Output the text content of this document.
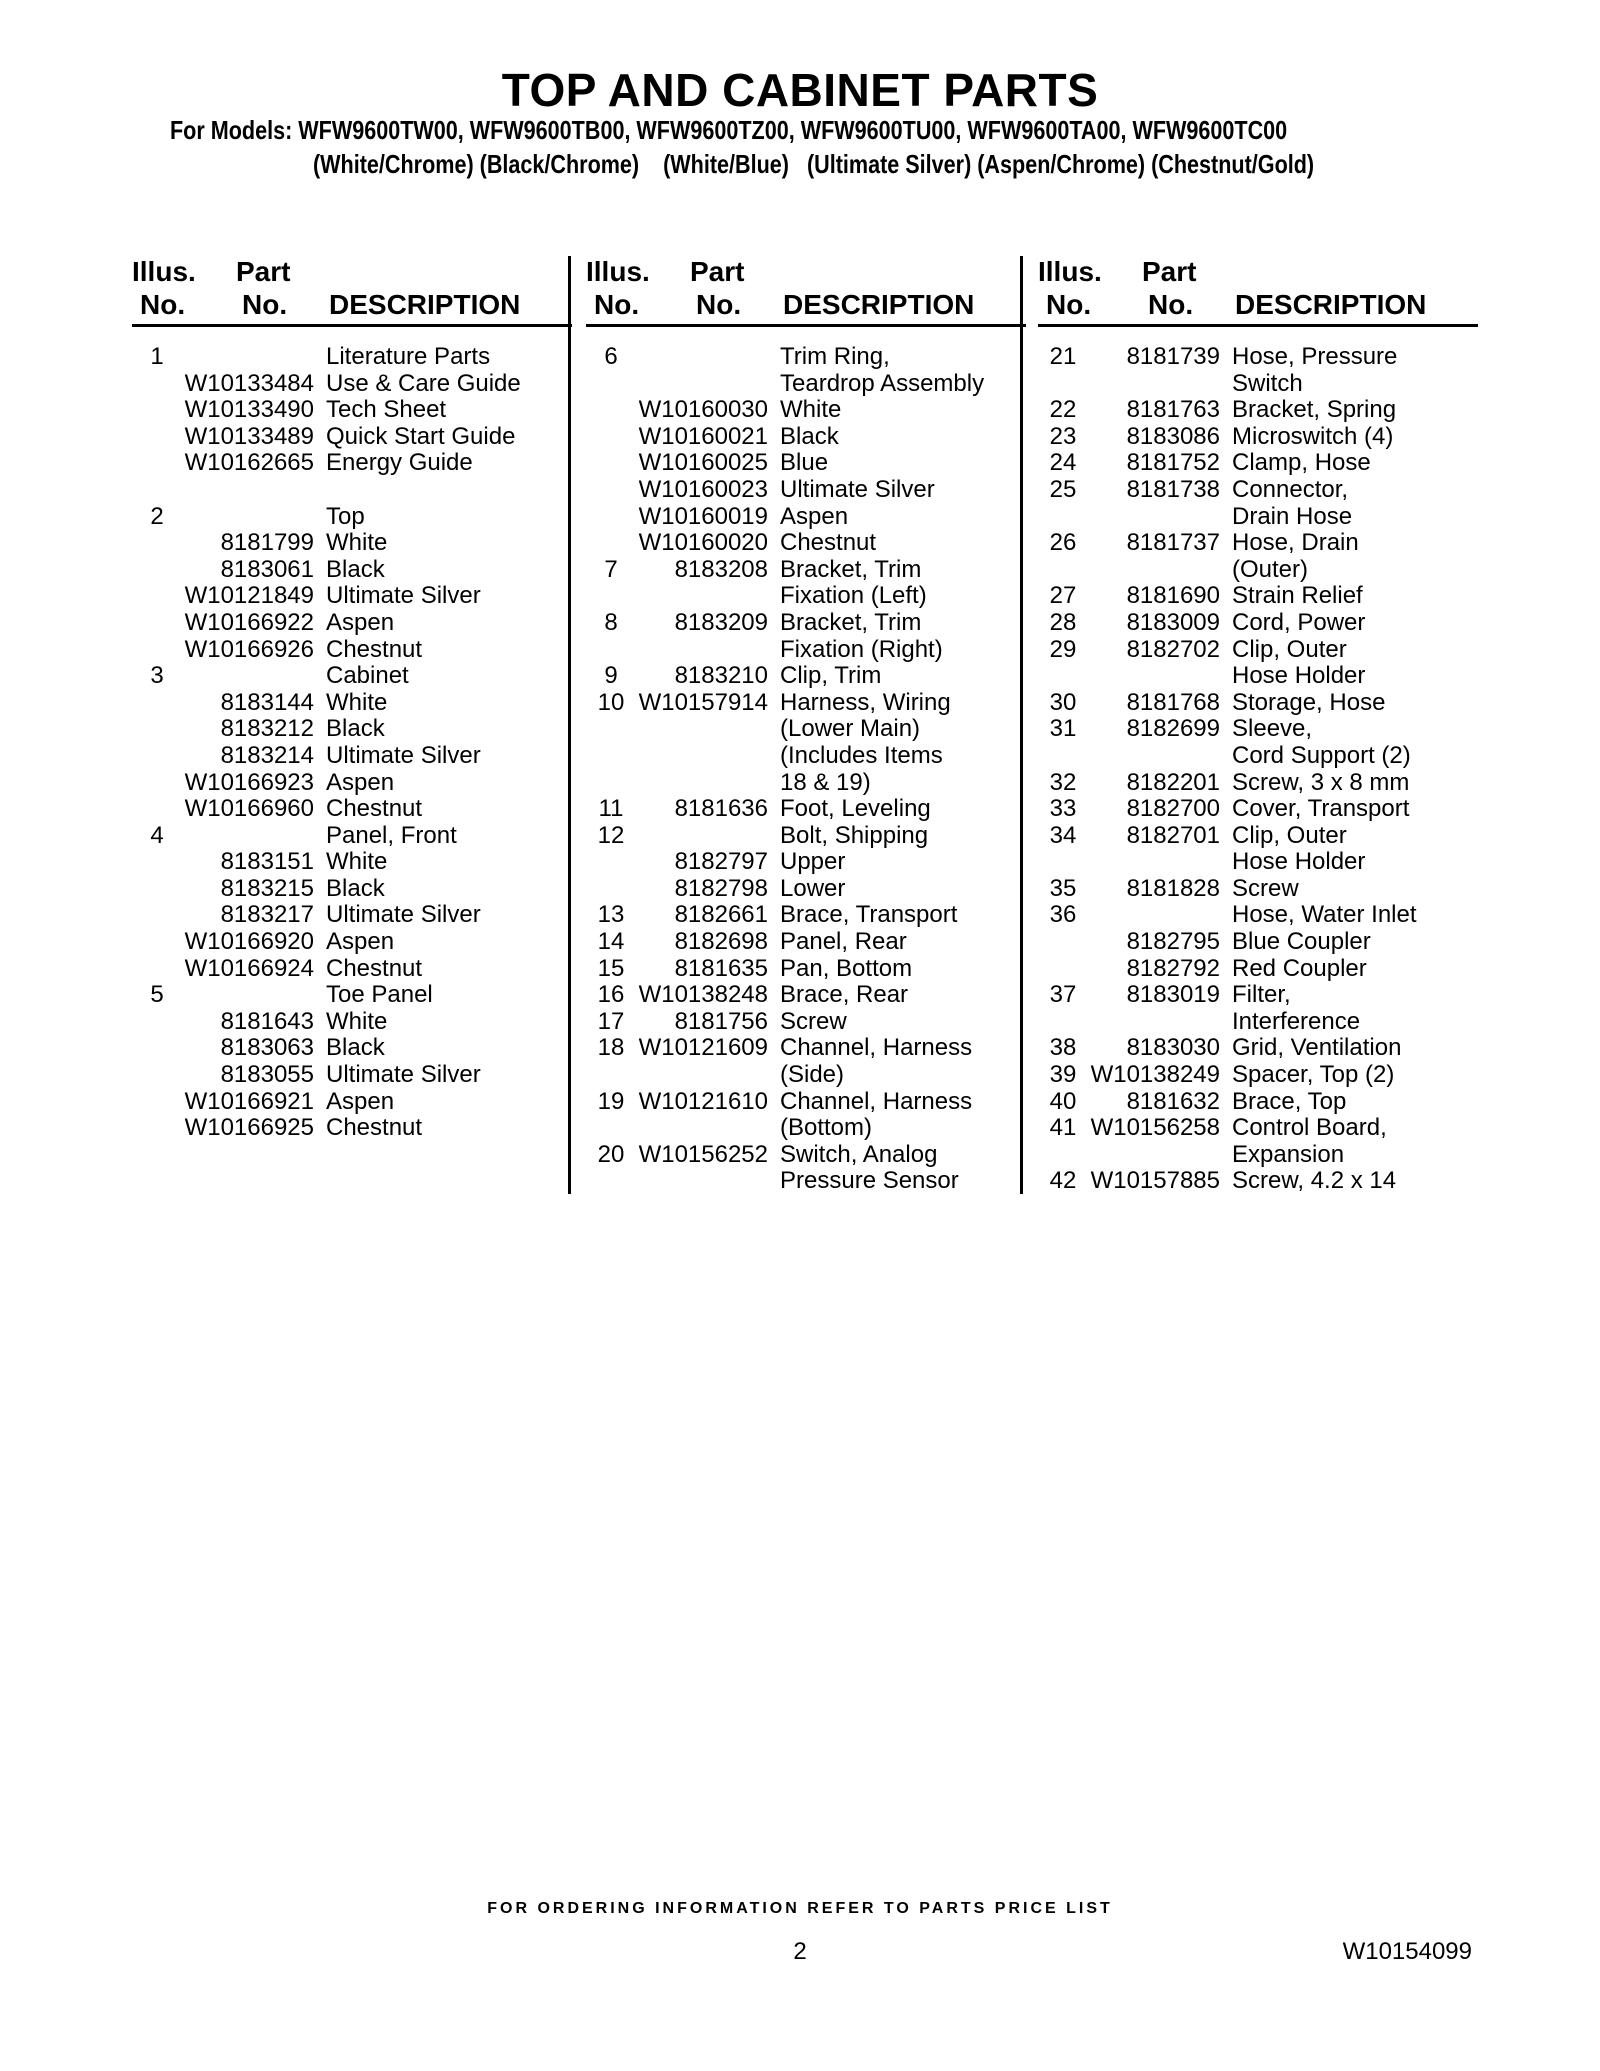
TOP AND CABINET PARTS
For Models: WFW9600TW00, WFW9600TB00, WFW9600TZ00, WFW9600TU00, WFW9600TA00, WFW9600TC00
(White/Chrome) (Black/Chrome)    (White/Blue)   (Ultimate Silver) (Aspen/Chrome) (Chestnut/Gold)
Illus. Part
No. No. DESCRIPTION
1	Literature Parts
W10133484 Use & Care Guide
W10133490 Tech Sheet
W10133489 Quick Start Guide
W10162665 Energy Guide
2	Top
8181799 White
8183061 Black
W10121849 Ultimate Silver
W10166922 Aspen
W10166926 Chestnut
3	Cabinet
8183144 White
8183212 Black
8183214 Ultimate Silver
W10166923 Aspen
W10166960 Chestnut
4	Panel, Front
8183151 White
8183215 Black
8183217 Ultimate Silver
W10166920 Aspen
W10166924 Chestnut
5	Toe Panel
8181643 White
8183063 Black
8183055 Ultimate Silver
W10166921 Aspen
W10166925 Chestnut
Illus. Part
No. No. DESCRIPTION
6	Trim Ring,
Teardrop Assembly
W10160030 White
W10160021 Black
W10160025 Blue
W10160023 Ultimate Silver
W10160019 Aspen
W10160020 Chestnut
7	8183208 Bracket, Trim
Fixation (Left)
8	8183209 Bracket, Trim
Fixation (Right)
9	8183210 Clip, Trim
10 W10157914 Harness, Wiring
(Lower Main)
(Includes Items
18 & 19)
11	8181636 Foot, Leveling
12	Bolt, Shipping
8182797 Upper
8182798 Lower
13	8182661 Brace, Transport
14	8182698 Panel, Rear
15	8181635 Pan, Bottom
16 W10138248 Brace, Rear
17	8181756 Screw
18 W10121609 Channel, Harness
(Side)
19 W10121610 Channel, Harness
(Bottom)
20 W10156252 Switch, Analog
Pressure Sensor
Illus. Part
No. No. DESCRIPTION
21	8181739 Hose, Pressure
Switch
22	8181763 Bracket, Spring
23	8183086 Microswitch (4)
24	8181752 Clamp, Hose
25	8181738 Connector,
Drain Hose
26	8181737 Hose, Drain
(Outer)
27	8181690 Strain Relief
28	8183009 Cord, Power
29	8182702 Clip, Outer
Hose Holder
30	8181768 Storage, Hose
31	8182699 Sleeve,
Cord Support (2)
32	8182201 Screw, 3 x 8 mm
33	8182700 Cover, Transport
34	8182701 Clip, Outer
Hose Holder
35	8181828 Screw
36	Hose, Water Inlet
8182795 Blue Coupler
8182792 Red Coupler
37	8183019 Filter,
Interference
38	8183030 Grid, Ventilation
39 W10138249 Spacer, Top (2)
40	8181632 Brace, Top
41 W10156258 Control Board,
Expansion
42 W10157885 Screw, 4.2 x 14
FOR ORDERING INFORMATION REFER TO PARTS PRICE LIST
2	W10154099
